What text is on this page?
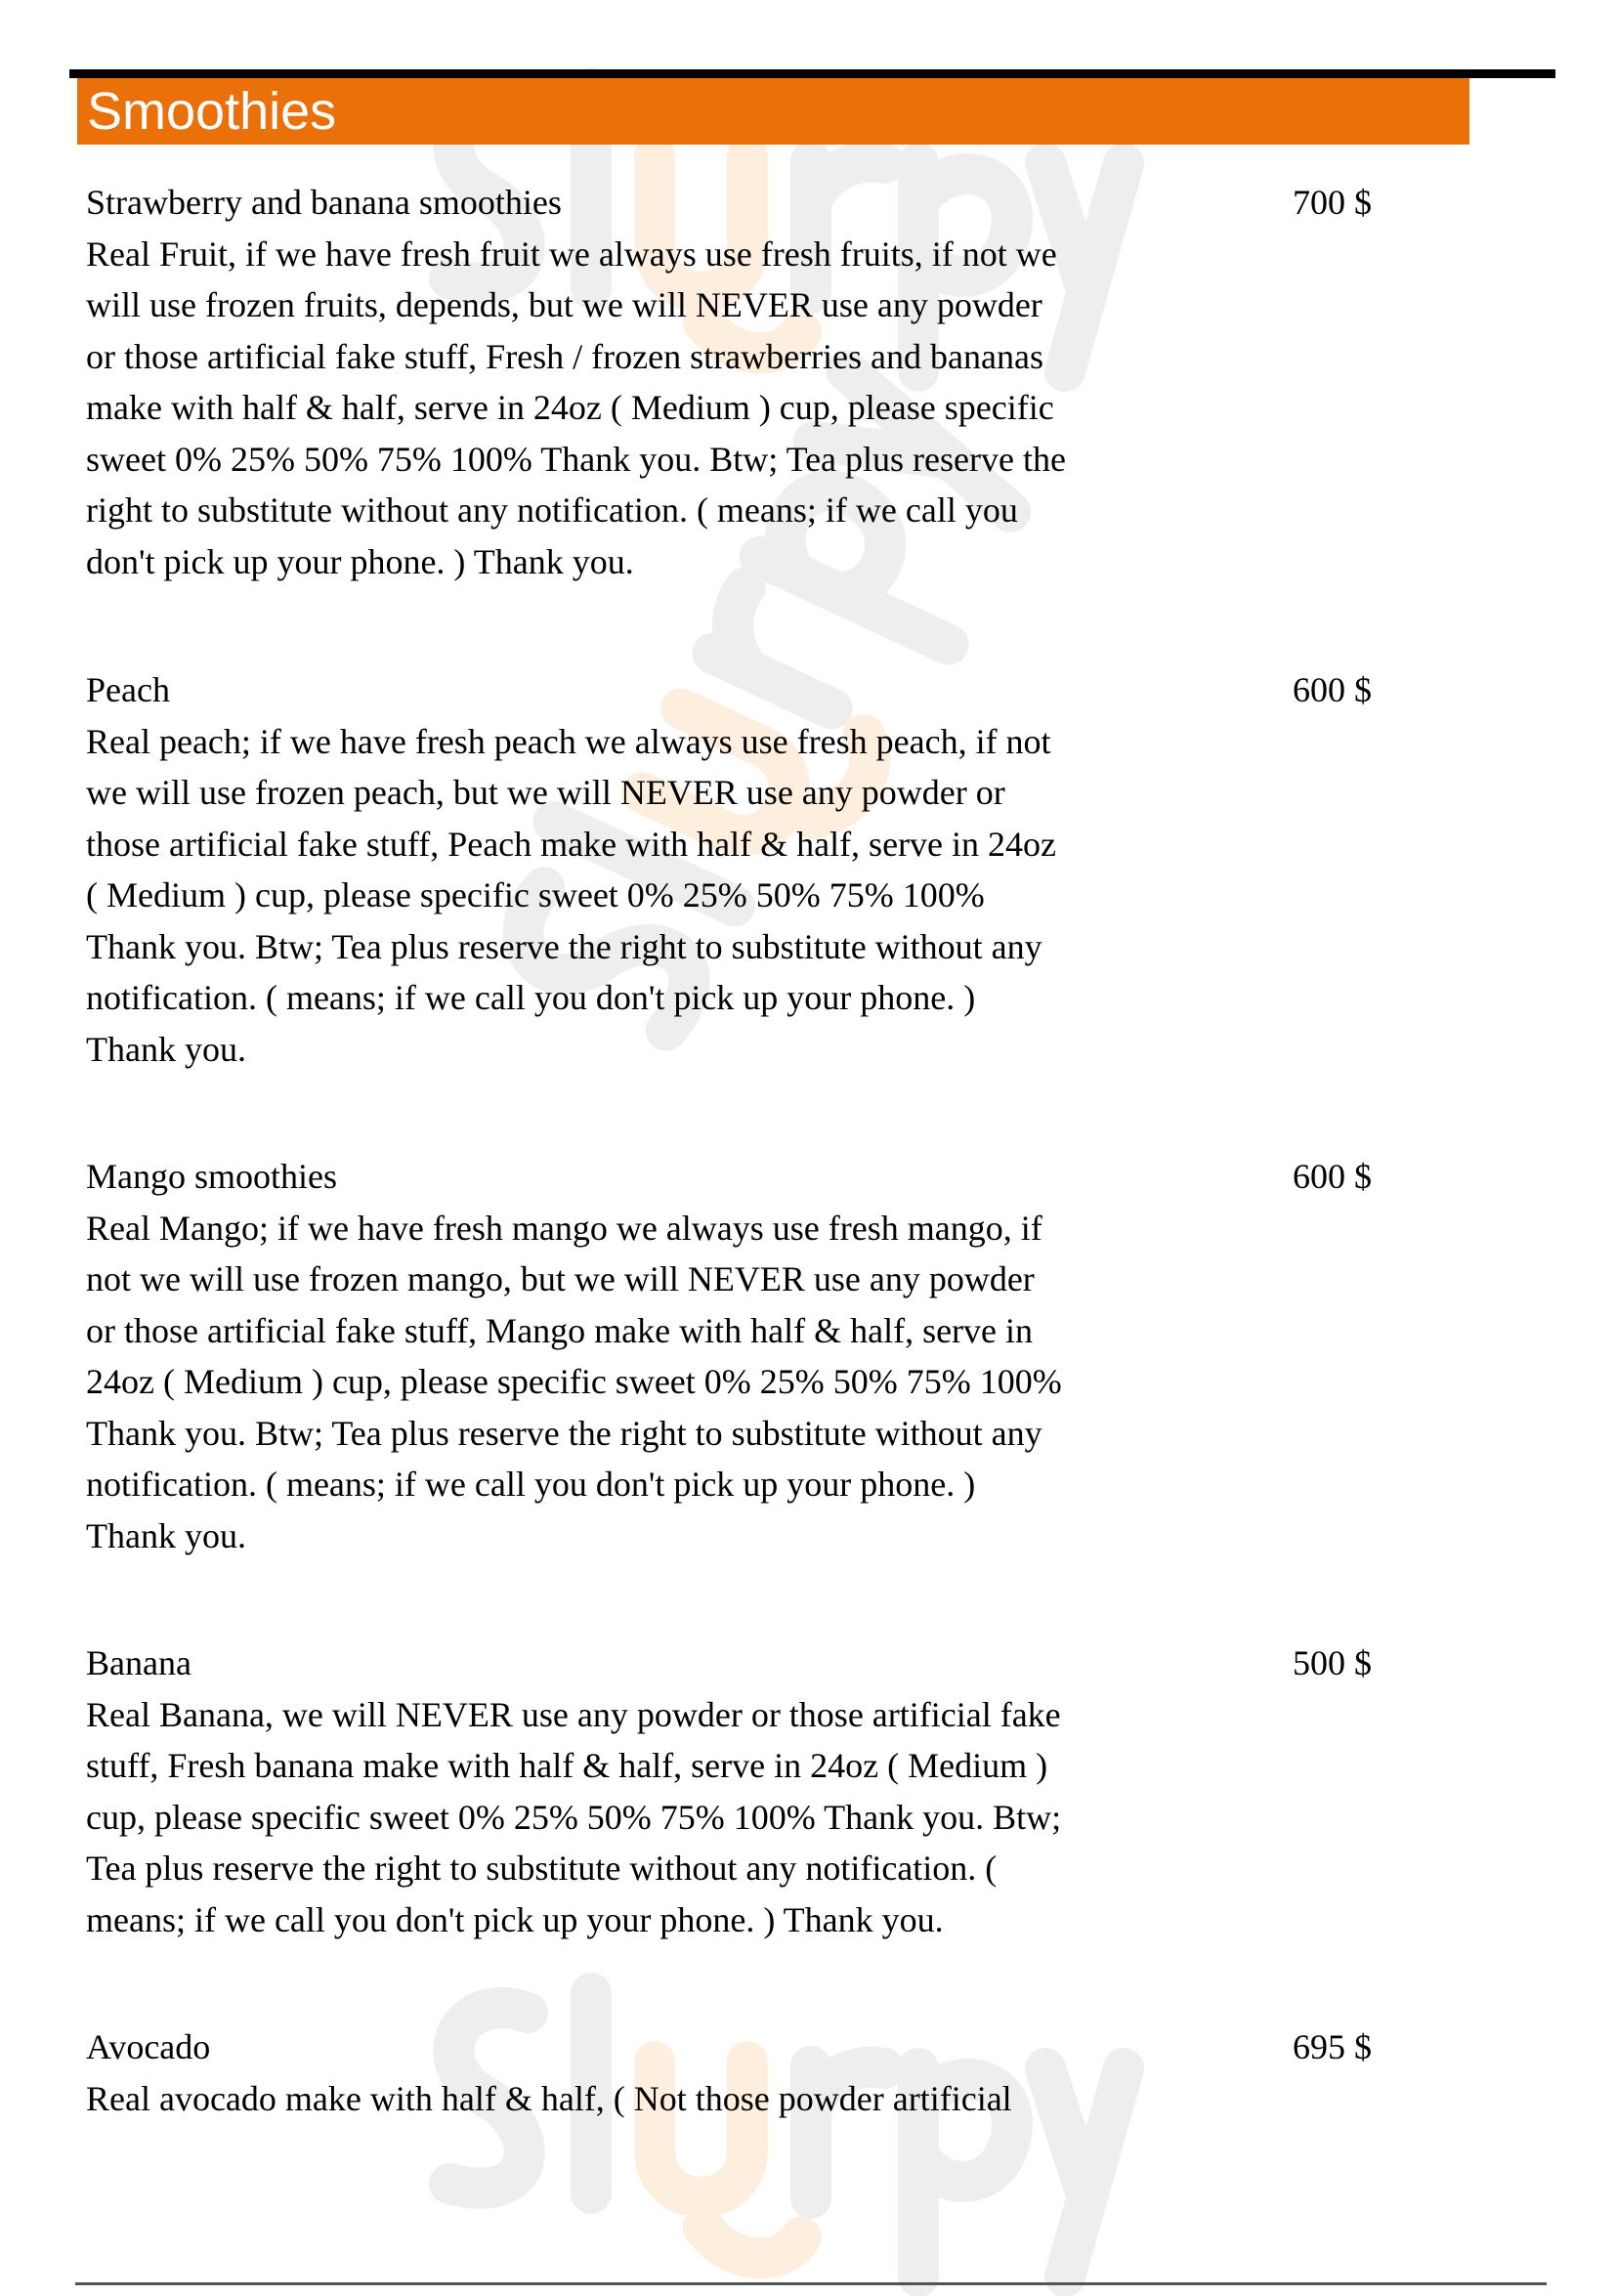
Smoothies
Strawberry and banana smoothies	700 $
Real Fruit, if we have fresh fruit we always use fresh fruits, if not we
will use frozen fruits, depends, but we will NEVER use any powder
or those artificial fake stuff, Fresh / frozen strawberries and bananas
make with half & half, serve in 24oz ( Medium ) cup, please specific
sweet 0% 25% 50% 75% 100% Thank you. Btw; Tea plus reserve the
right to substitute without any notification. ( means; if we call you
don't pick up your phone. ) Thank you.
Peach	600 $
Real peach; if we have fresh peach we always use fresh peach, if not
we will use frozen peach, but we will NEVER use any powder or
those artificial fake stuff, Peach make with half & half, serve in 24oz
( Medium ) cup, please specific sweet 0% 25% 50% 75% 100%
Thank you. Btw; Tea plus reserve the right to substitute without any
notification. ( means; if we call you don't pick up your phone. )
Thank you.
Mango smoothies	600 $
Real Mango; if we have fresh mango we always use fresh mango, if
not we will use frozen mango, but we will NEVER use any powder
or those artificial fake stuff, Mango make with half & half, serve in
24oz ( Medium ) cup, please specific sweet 0% 25% 50% 75% 100%
Thank you. Btw; Tea plus reserve the right to substitute without any
notification. ( means; if we call you don't pick up your phone. )
Thank you.
Banana	500 $
Real Banana, we will NEVER use any powder or those artificial fake
stuff, Fresh banana make with half & half, serve in 24oz ( Medium )
cup, please specific sweet 0% 25% 50% 75% 100% Thank you. Btw;
Tea plus reserve the right to substitute without any notification. (
means; if we call you don't pick up your phone. ) Thank you.
Avocado	695 $
Real avocado make with half & half, ( Not those powder artificial
